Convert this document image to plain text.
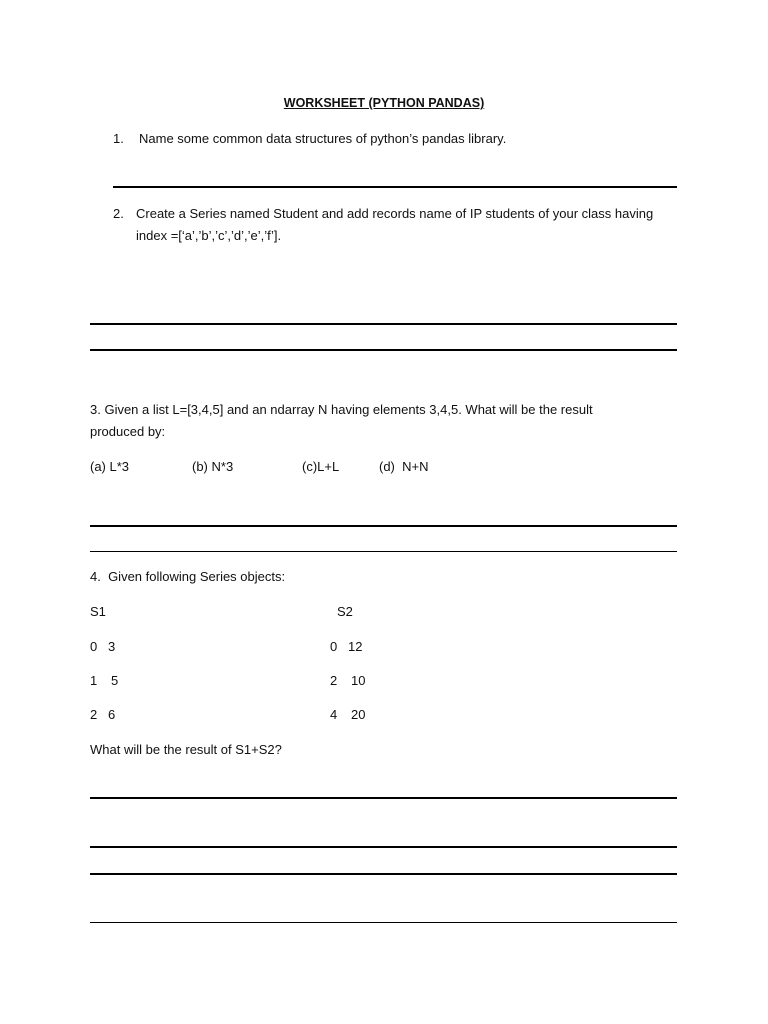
WORKSHEET (PYTHON PANDAS)
1. Name some common data structures of python’s pandas library.
2. Create a Series named Student and add records name of IP students of your class having
index =[‘a’,’b’,’c’,’d’,’e’,’f’].
3. Given a list L=[3,4,5] and an ndarray N having elements 3,4,5. What will be the result
produced by:
(a) L*3	(b) N*3	(c)L+L	(d)  N+N
4.  Given following Series objects:
S1	S2
0 3	0 12
1 5	2 10
2 6	4 20
What will be the result of S1+S2?
